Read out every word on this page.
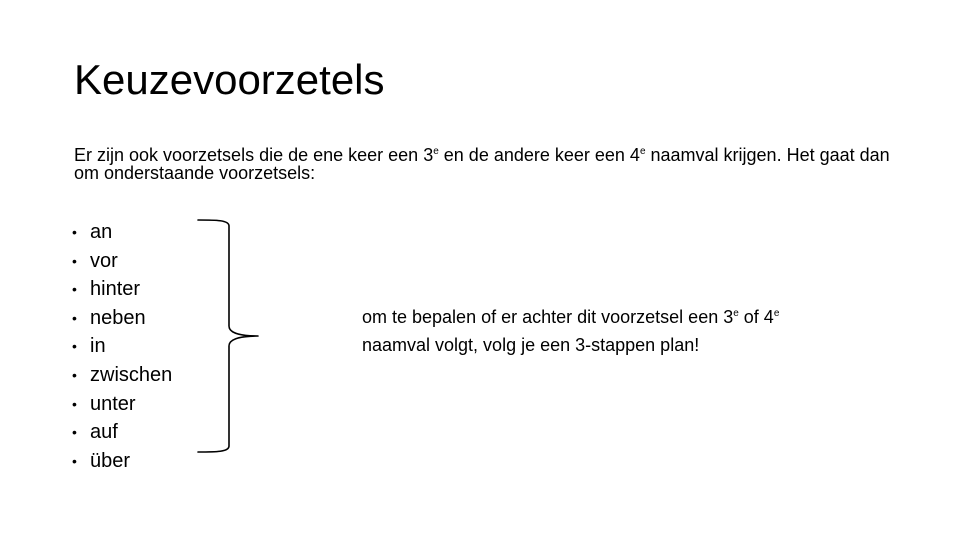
Keuzevoorzetels

Er zijn ook voorzetsels die de ene keer een 3e en de andere keer een 4e naamval krijgen. Het gaat dan om onderstaande voorzetsels:

• an
• vor
• hinter
• neben
• in
• zwischen
• unter
• auf
• über

om te bepalen of er achter dit voorzetsel een 3e of 4e
naamval volgt, volg je een 3-stappen plan!
